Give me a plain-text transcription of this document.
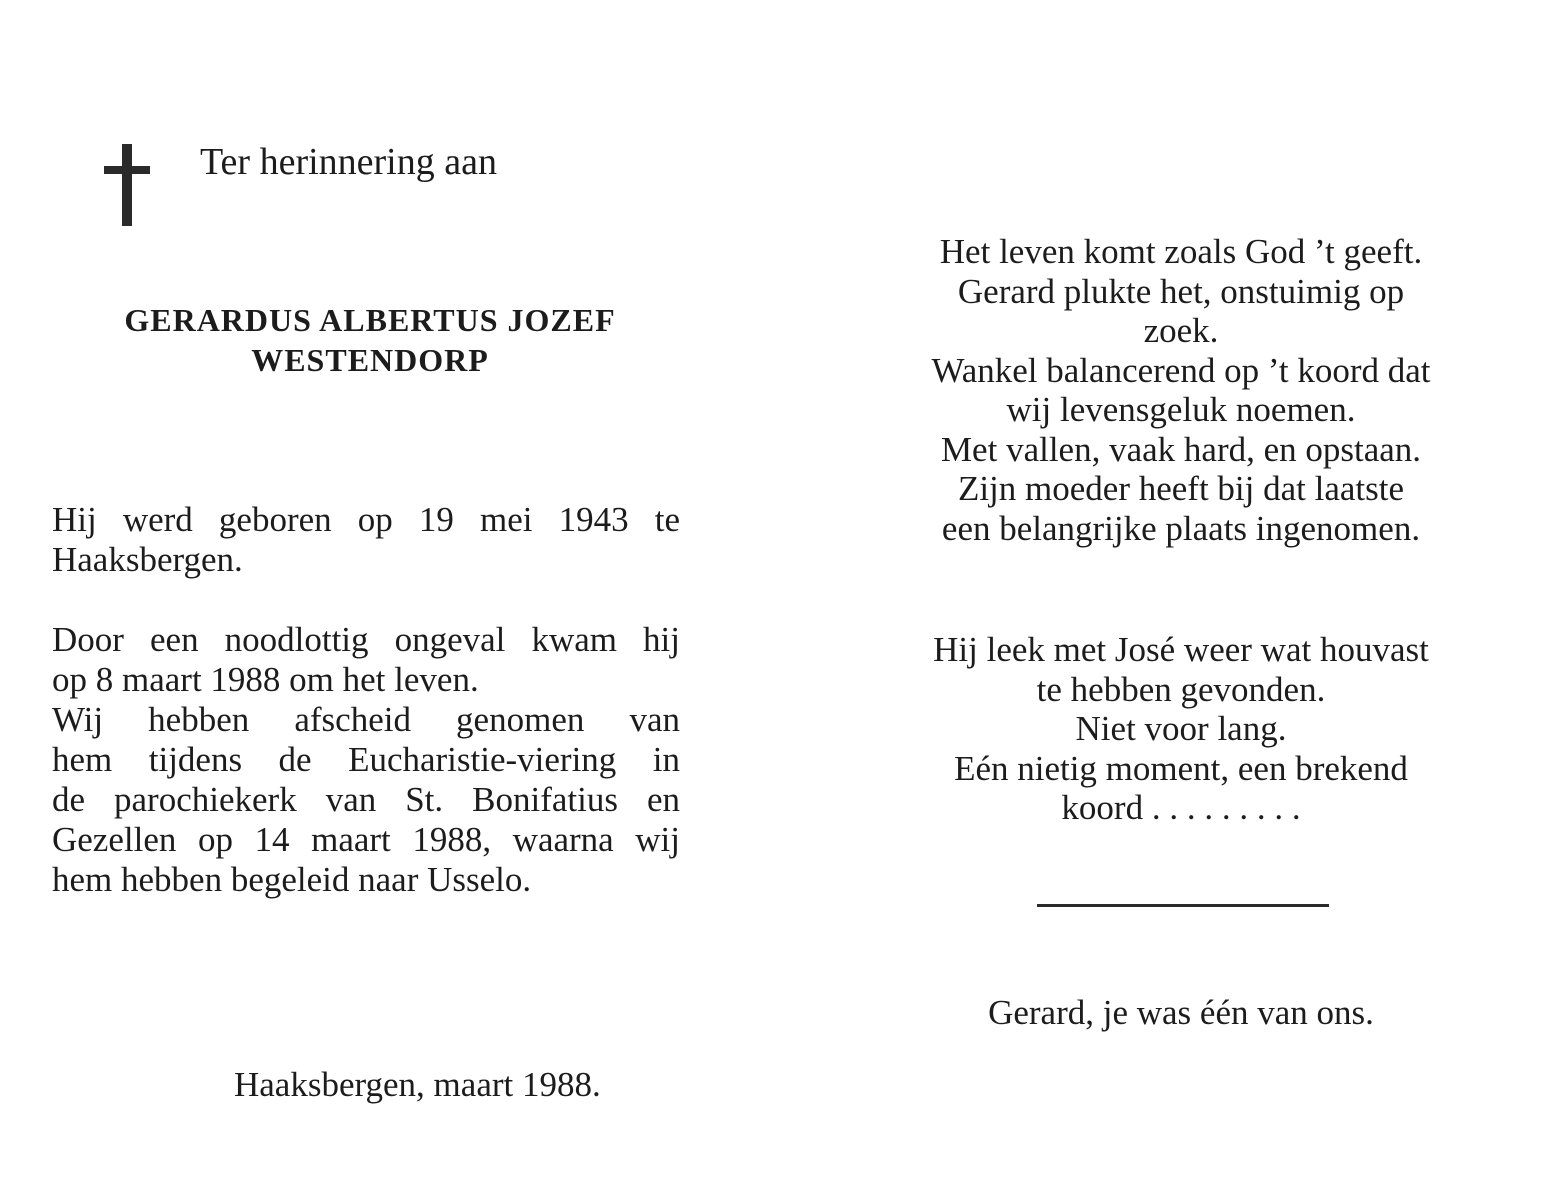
Ter herinnering aan
GERARDUS ALBERTUS JOZEF
WESTENDORP
Hij werd geboren op 19 mei 1943 te
Haaksbergen.
Door een noodlottig ongeval kwam hij
op 8 maart 1988 om het leven.
Wij hebben afscheid genomen van
hem tijdens de Eucharistie-viering in
de parochiekerk van St. Bonifatius en
Gezellen op 14 maart 1988, waarna wij
hem hebben begeleid naar Usselo.
Haaksbergen, maart 1988.
Het leven komt zoals God ’t geeft.
Gerard plukte het, onstuimig op
zoek.
Wankel balancerend op ’t koord dat
wij levensgeluk noemen.
Met vallen, vaak hard, en opstaan.
Zijn moeder heeft bij dat laatste
een belangrijke plaats ingenomen.
Hij leek met José weer wat houvast
te hebben gevonden.
Niet voor lang.
Eén nietig moment, een brekend
koord . . . . . . . . .
Gerard, je was één van ons.
